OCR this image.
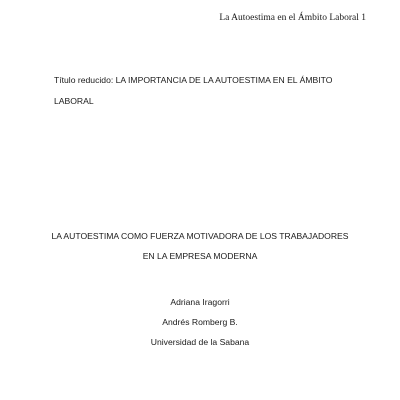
La Autoestima en el Ámbito Laboral 1
Título reducido: LA IMPORTANCIA DE LA AUTOESTIMA EN EL ÁMBITO
LABORAL
LA AUTOESTIMA COMO FUERZA MOTIVADORA DE LOS TRABAJADORES
EN LA EMPRESA MODERNA
Adriana Iragorri
Andrés Romberg B.
Universidad de la Sabana
